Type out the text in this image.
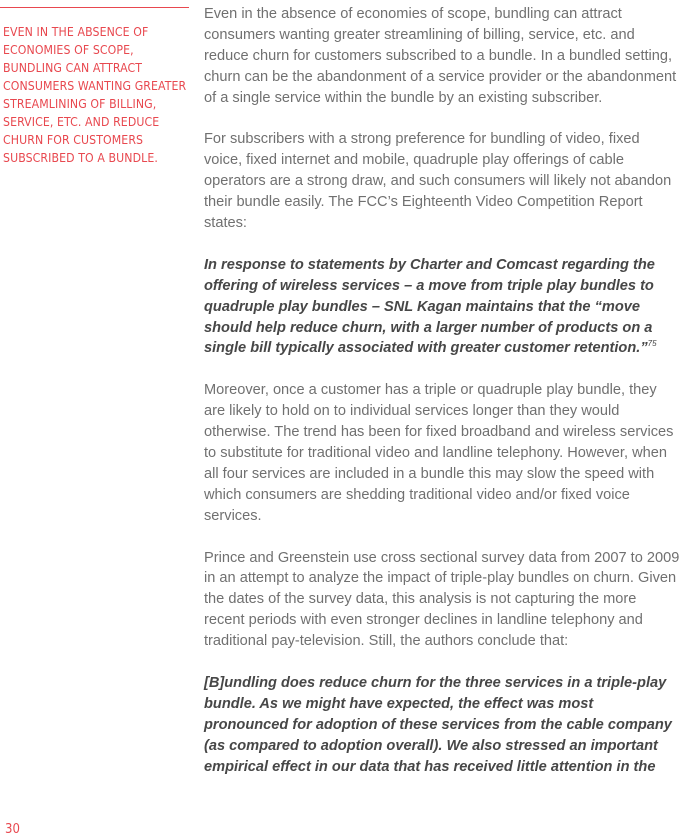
EVEN IN THE ABSENCE OF ECONOMIES OF SCOPE, BUNDLING CAN ATTRACT CONSUMERS WANTING GREATER STREAMLINING OF BILLING, SERVICE, ETC. AND REDUCE CHURN FOR CUSTOMERS SUBSCRIBED TO A BUNDLE.

Even in the absence of economies of scope, bundling can attract consumers wanting greater streamlining of billing, service, etc. and reduce churn for customers subscribed to a bundle. In a bundled setting, churn can be the abandonment of a service provider or the abandonment of a single service within the bundle by an existing subscriber.

For subscribers with a strong preference for bundling of video, fixed voice, fixed internet and mobile, quadruple play offerings of cable operators are a strong draw, and such consumers will likely not abandon their bundle easily. The FCC’s Eighteenth Video Competition Report states:

In response to statements by Charter and Comcast regarding the offering of wireless services – a move from triple play bundles to quadruple play bundles – SNL Kagan maintains that the “move should help reduce churn, with a larger number of products on a single bill typically associated with greater customer retention.”$^{75}$

Moreover, once a customer has a triple or quadruple play bundle, they are likely to hold on to individual services longer than they would otherwise. The trend has been for fixed broadband and wireless services to substitute for traditional video and landline telephony. However, when all four services are included in a bundle this may slow the speed with which consumers are shedding traditional video and/or fixed voice services.

Prince and Greenstein use cross sectional survey data from 2007 to 2009 in an attempt to analyze the impact of triple-play bundles on churn. Given the dates of the survey data, this analysis is not capturing the more recent periods with even stronger declines in landline telephony and traditional pay-television. Still, the authors conclude that:

[B]undling does reduce churn for the three services in a triple-play bundle. As we might have expected, the effect was most pronounced for adoption of these services from the cable company (as compared to adoption overall). We also stressed an important empirical effect in our data that has received little attention in the

30
